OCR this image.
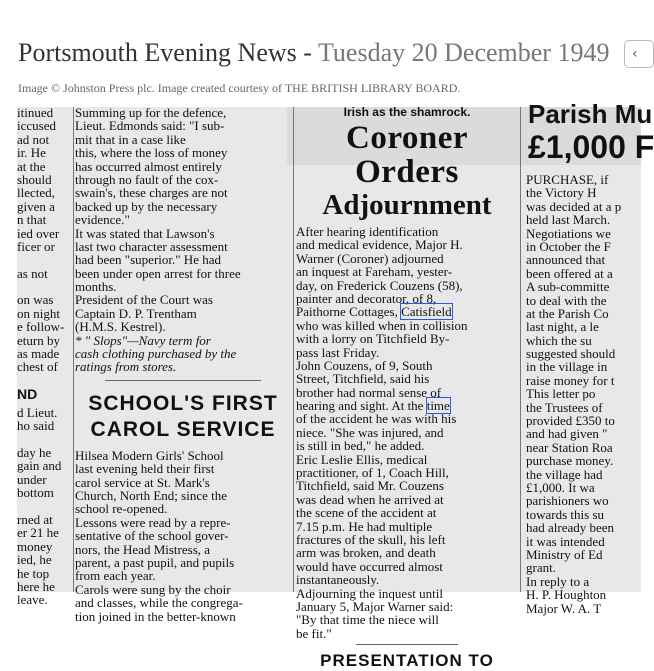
Portsmouth Evening News - Tuesday 20 December 1949	‹
Image © Johnston Press plc. Image created courtesy of THE BRITISH LIBRARY BOARD.
itinued
iccused
ad not
ir. He
at the
should
llected,
given a
n that
ied over
ficer or

as not

on was
on night
e follow-
eturn by
as made
chest of
ND
d Lieut.
ho said

day he
gain and
under
bottom

rned at
er 21 he
money
ied, he
he top
here he
leave.
Summing up for the defence,
Lieut. Edmonds said: "I sub-
mit that in a case like
this, where the loss of money
has occurred almost entirely
through no fault of the cox-
swain's, these charges are not
backed up by the necessary
evidence."
It was stated that Lawson's
last two character assessment
had been "superior." He had
been under open arrest for three
months.
President of the Court was
Captain D. P. Trentham
(H.M.S. Kestrel).
* " Slops"—Navy term for
cash clothing purchased by the
ratings from stores.
SCHOOL'S FIRST
CAROL SERVICE
Hilsea Modern Girls' School
last evening held their first
carol service at St. Mark's
Church, North End; since the
school re-opened.
Lessons were read by a repre-
sentative of the school gover-
nors, the Head Mistress, a
parent, a past pupil, and pupils
from each year.
Carols were sung by the choir
and classes, while the congrega-
tion joined in the better-known
Irish as the shamrock.
Coroner Orders
Adjournment
After hearing identification
and medical evidence, Major H.
Warner (Coroner) adjourned
an inquest at Fareham, yester-
day, on Frederick Couzens (58),
painter and decorator, of 8,
Paithorne Cottages, Catisfield
who was killed when in collision
with a lorry on Titchfield By-
pass last Friday.
John Couzens, of 9, South
Street, Titchfield, said his
brother had normal sense of
hearing and sight. At the time
of the accident he was with his
niece. "She was injured, and
is still in bed," he added.
Eric Leslie Ellis, medical
practitioner, of 1, Coach Hill,
Titchfield, said Mr. Couzens
was dead when he arrived at
the scene of the accident at
7.15 p.m. He had multiple
fractures of the skull, his left
arm was broken, and death
would have occurred almost
instantaneously.
Adjourning the inquest until
January 5, Major Warner said:
"By that time the niece will
be fit."
PRESENTATION TO
Parish Mu
£1,000 F
PURCHASE, if
the Victory H
was decided at a p
held last March.
Negotiations we
in October the F
announced that
been offered at a
A sub-committe
to deal with the
at the Parish Co
last night, a le
which the su
suggested should
in the village in
raise money for t
This letter po
the Trustees of
provided £350 to
and had given "
near Station Roa
purchase money.
the village had
£1,000. It wa
parishioners wo
towards this su
had already been
it was intended
Ministry of Ed
grant.
In reply to a
H. P. Houghton
Major W. A. T
